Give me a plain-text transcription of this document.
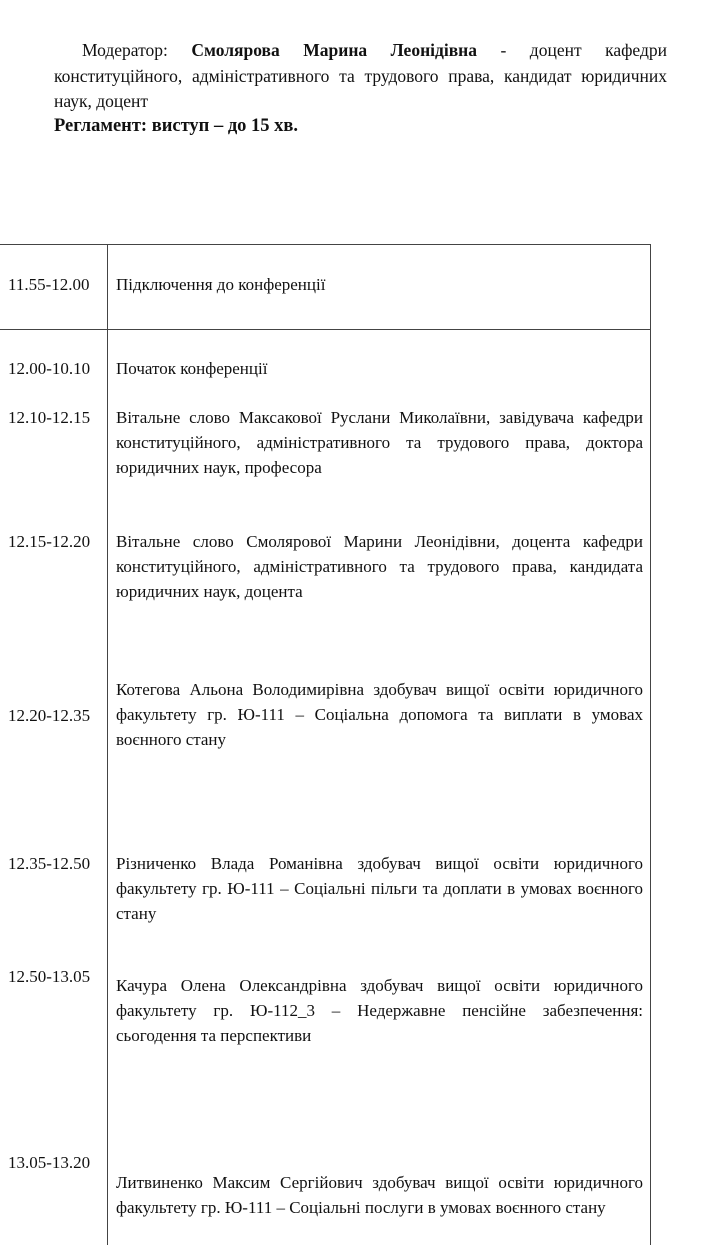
Модератор: Смолярова Марина Леонідівна - доцент кафедри конституційного, адміністративного та трудового права, кандидат юридичних наук, доцент

Регламент: виступ – до 15 хв.

11.55-12.00 Підключення до конференції
12.00-10.10 Початок конференції
12.10-12.15 Вітальне слово Максакової Руслани Миколаївни, завідувача кафедри конституційного, адміністративного та трудового права, доктора юридичних наук, професора
12.15-12.20 Вітальне слово Смолярової Марини Леонідівни, доцента кафедри конституційного, адміністративного та трудового права, кандидата юридичних наук, доцента
12.20-12.35
Котегова Альона Володимирівна здобувач вищої освіти юридичного факультету гр. Ю-111 – Соціальна допомога та виплати в умовах воєнного стану
12.35-12.50 Різниченко Влада Романівна здобувач вищої освіти юридичного факультету гр. Ю-111 – Соціальні пільги та доплати в умовах воєнного стану
12.50-13.05 Качура Олена Олександрівна здобувач вищої освіти юридичного факультету гр. Ю-112_3 – Недержавне пенсійне забезпечення: сьогодення та перспективи
13.05-13.20
Литвиненко Максим Сергійович здобувач вищої освіти юридичного факультету гр. Ю-111 – Соціальні послуги в умовах воєнного стану
